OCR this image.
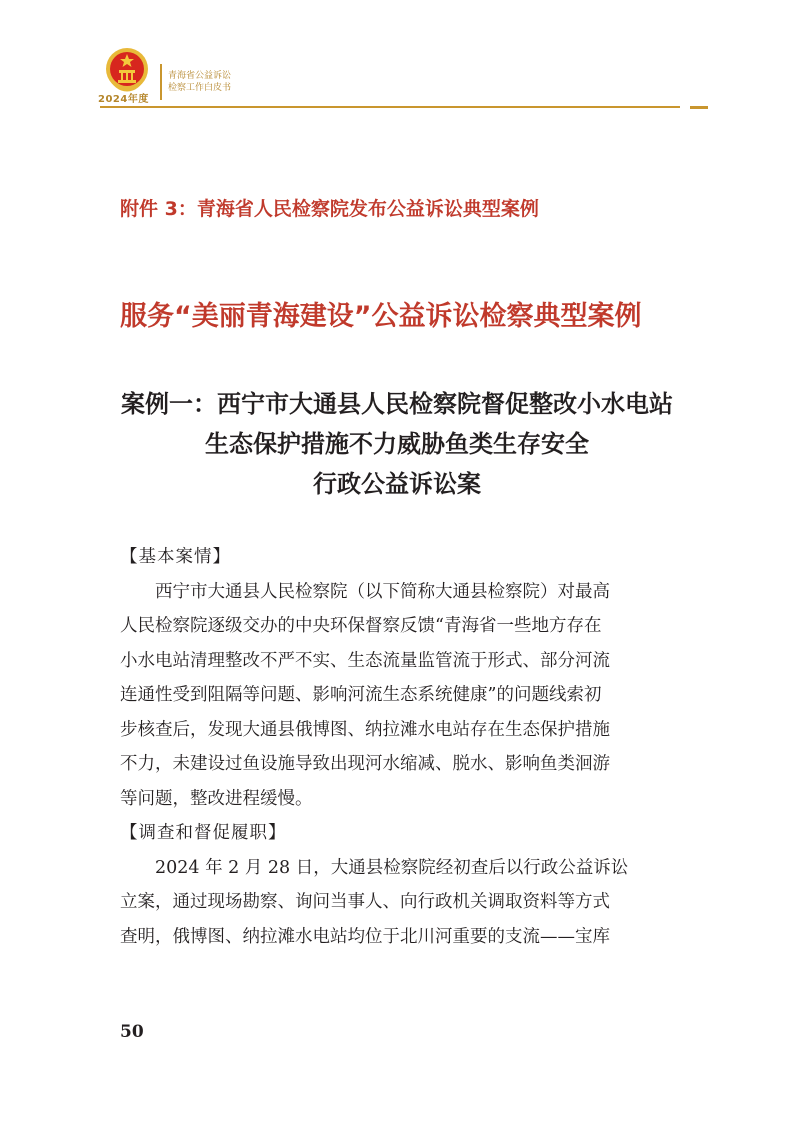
2024年度
青海省公益诉讼
检察工作白皮书
附件 3：青海省人民检察院发布公益诉讼典型案例
服务“美丽青海建设”公益诉讼检察典型案例
案例一：西宁市大通县人民检察院督促整改小水电站
生态保护措施不力威胁鱼类生存安全
行政公益诉讼案
【基本案情】
西宁市大通县人民检察院（以下简称大通县检察院）对最高
人民检察院逐级交办的中央环保督察反馈“青海省一些地方存在
小水电站清理整改不严不实、生态流量监管流于形式、部分河流
连通性受到阻隔等问题、影响河流生态系统健康”的问题线索初
步核查后，发现大通县俄博图、纳拉滩水电站存在生态保护措施
不力，未建设过鱼设施导致出现河水缩减、脱水、影响鱼类洄游
等问题，整改进程缓慢。
【调查和督促履职】
2024 年 2 月 28 日，大通县检察院经初查后以行政公益诉讼
立案，通过现场勘察、询问当事人、向行政机关调取资料等方式
查明，俄博图、纳拉滩水电站均位于北川河重要的支流——宝库
50
